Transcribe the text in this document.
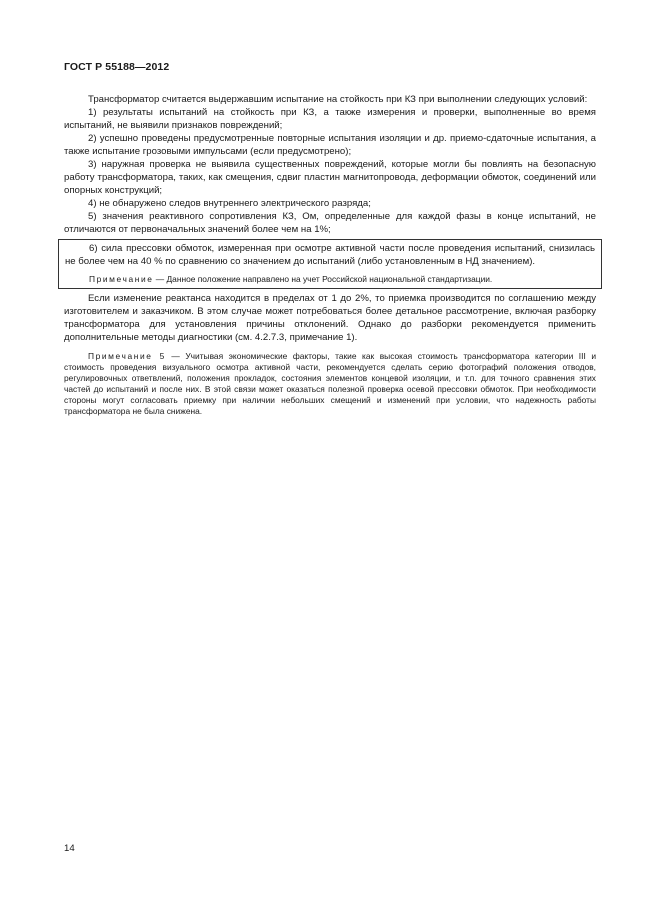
ГОСТ Р 55188—2012

Трансформатор считается выдержавшим испытание на стойкость при КЗ при выполнении следующих условий:

1) результаты испытаний на стойкость при КЗ, а также измерения и проверки, выполненные во время испытаний, не выявили признаков повреждений;

2) успешно проведены предусмотренные повторные испытания изоляции и др. приемо-сдаточные испытания, а также испытание грозовыми импульсами (если предусмотрено);

3) наружная проверка не выявила существенных повреждений, которые могли бы повлиять на безопасную работу трансформатора, таких, как смещения, сдвиг пластин магнитопровода, деформации обмоток, соединений или опорных конструкций;

4) не обнаружено следов внутреннего электрического разряда;

5) значения реактивного сопротивления КЗ, Ом, определенные для каждой фазы в конце испытаний, не отличаются от первоначальных значений более чем на 1%;

6) сила прессовки обмоток, измеренная при осмотре активной части после проведения испытаний, снизилась не более чем на 40 % по сравнению со значением до испытаний (либо установленным в НД значением).

Примечание — Данное положение направлено на учет Российской национальной стандартизации.

Если изменение реактанса находится в пределах от 1 до 2%, то приемка производится по соглашению между изготовителем и заказчиком. В этом случае может потребоваться более детальное рассмотрение, включая разборку трансформатора для установления причины отклонений. Однако до разборки рекомендуется применить дополнительные методы диагностики (см. 4.2.7.3, примечание 1).

Примечание 5 — Учитывая экономические факторы, такие как высокая стоимость трансформатора категории III и стоимость проведения визуального осмотра активной части, рекомендуется сделать серию фотографий положения отводов, регулировочных ответвлений, положения прокладок, состояния элементов концевой изоляции, и т.п. для точного сравнения этих частей до испытаний и после них. В этой связи может оказаться полезной проверка осевой прессовки обмоток. При необходимости стороны могут согласовать приемку при наличии небольших смещений и изменений при условии, что надежность работы трансформатора не была снижена.

14
